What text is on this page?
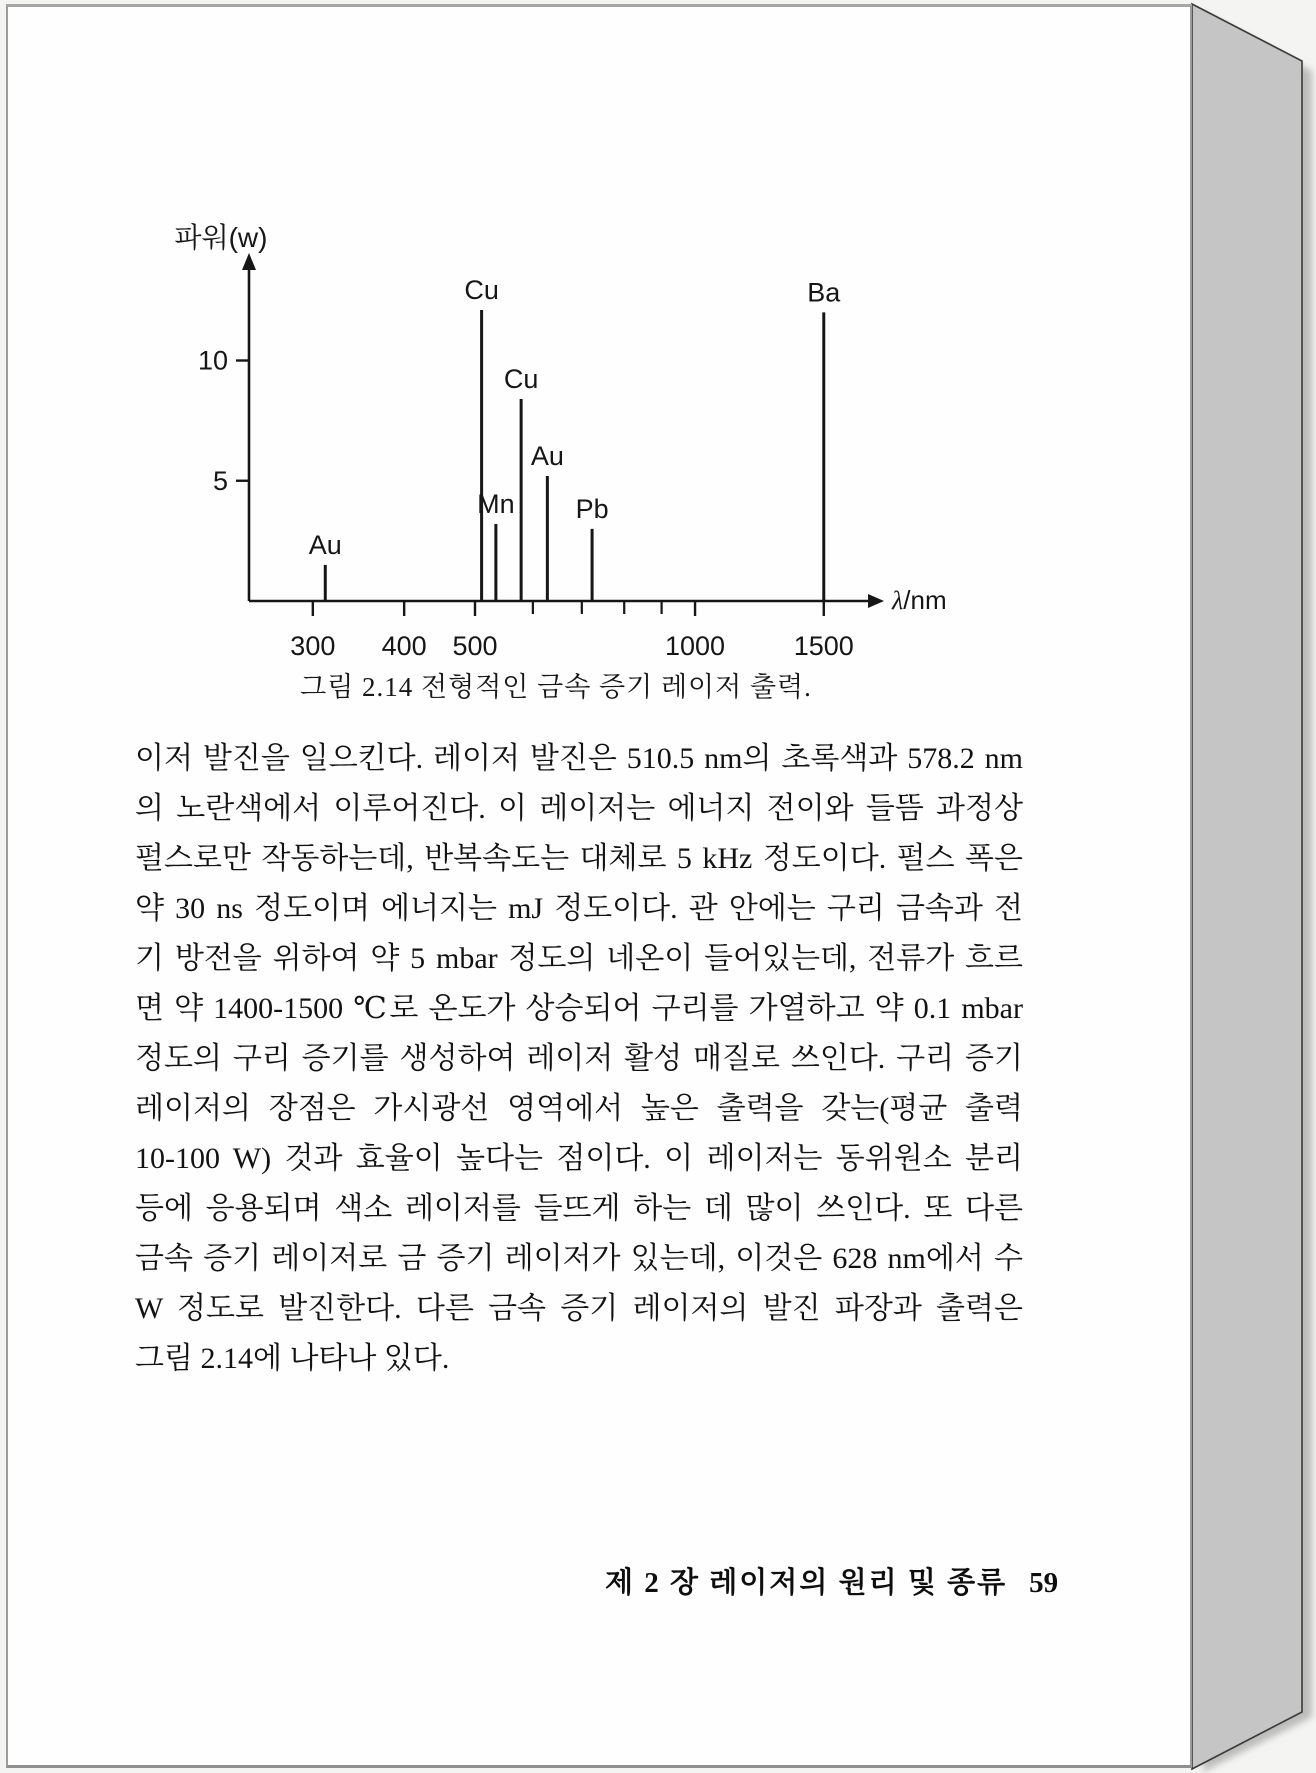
5
10
300 400 500	1000	1500
Au
Cu
Mn
Cu
Au
Pb
Ba
파워(w)
λ/nm
그림 2.14 전형적인 금속 증기 레이저 출력.
이저 발진을 일으킨다. 레이저 발진은 510.5 nm의 초록색과 578.2 nm
의 노란색에서 이루어진다. 이 레이저는 에너지 전이와 들뜸 과정상
펄스로만 작동하는데, 반복속도는 대체로 5 kHz 정도이다. 펄스 폭은
약 30 ns 정도이며 에너지는 mJ 정도이다. 관 안에는 구리 금속과 전
기 방전을 위하여 약 5 mbar 정도의 네온이 들어있는데, 전류가 흐르
면 약 1400-1500 ℃로 온도가 상승되어 구리를 가열하고 약 0.1 mbar
정도의 구리 증기를 생성하여 레이저 활성 매질로 쓰인다. 구리 증기
레이저의 장점은 가시광선 영역에서 높은 출력을 갖는(평균 출력
10-100 W) 것과 효율이 높다는 점이다. 이 레이저는 동위원소 분리
등에 응용되며 색소 레이저를 들뜨게 하는 데 많이 쓰인다. 또 다른
금속 증기 레이저로 금 증기 레이저가 있는데, 이것은 628 nm에서 수
W 정도로 발진한다. 다른 금속 증기 레이저의 발진 파장과 출력은
그림 2.14에 나타나 있다.
제 2 장 레이저의 원리 및 종류 59
